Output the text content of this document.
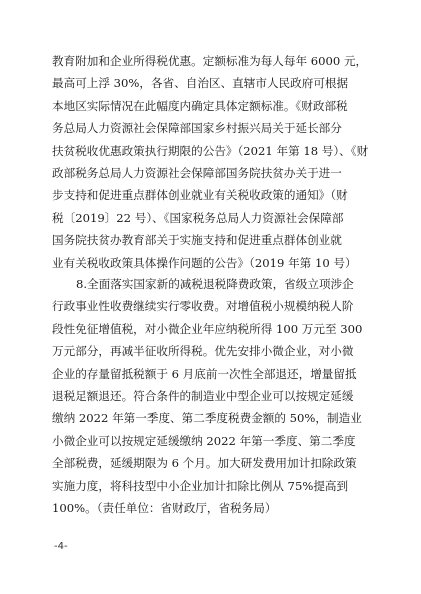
教育附加和企业所得税优惠。定额标准为每人每年 6000 元，
最高可上浮 30%，各省、自治区、直辖市人民政府可根据
本地区实际情况在此幅度内确定具体定额标准。《财政部税
务总局人力资源社会保障部国家乡村振兴局关于延长部分
扶贫税收优惠政策执行期限的公告》（2021 年第 18 号）、《财
政部税务总局人力资源社会保障部国务院扶贫办关于进一
步支持和促进重点群体创业就业有关税收政策的通知》（财
税〔2019〕22 号）、《国家税务总局人力资源社会保障部
国务院扶贫办教育部关于实施支持和促进重点群体创业就
业有关税收政策具体操作问题的公告》（2019 年第 10 号）
8.全面落实国家新的减税退税降费政策，省级立项涉企
行政事业性收费继续实行零收费。对增值税小规模纳税人阶
段性免征增值税，对小微企业年应纳税所得 100 万元至 300
万元部分，再减半征收所得税。优先安排小微企业，对小微
企业的存量留抵税额于 6 月底前一次性全部退还，增量留抵
退税足额退还。符合条件的制造业中型企业可以按规定延缓
缴纳 2022 年第一季度、第二季度税费金额的 50%，制造业
小微企业可以按规定延缓缴纳 2022 年第一季度、第二季度
全部税费，延缓期限为 6 个月。加大研发费用加计扣除政策
实施力度，将科技型中小企业加计扣除比例从 75%提高到
100%。（责任单位：省财政厅，省税务局）
-4-
